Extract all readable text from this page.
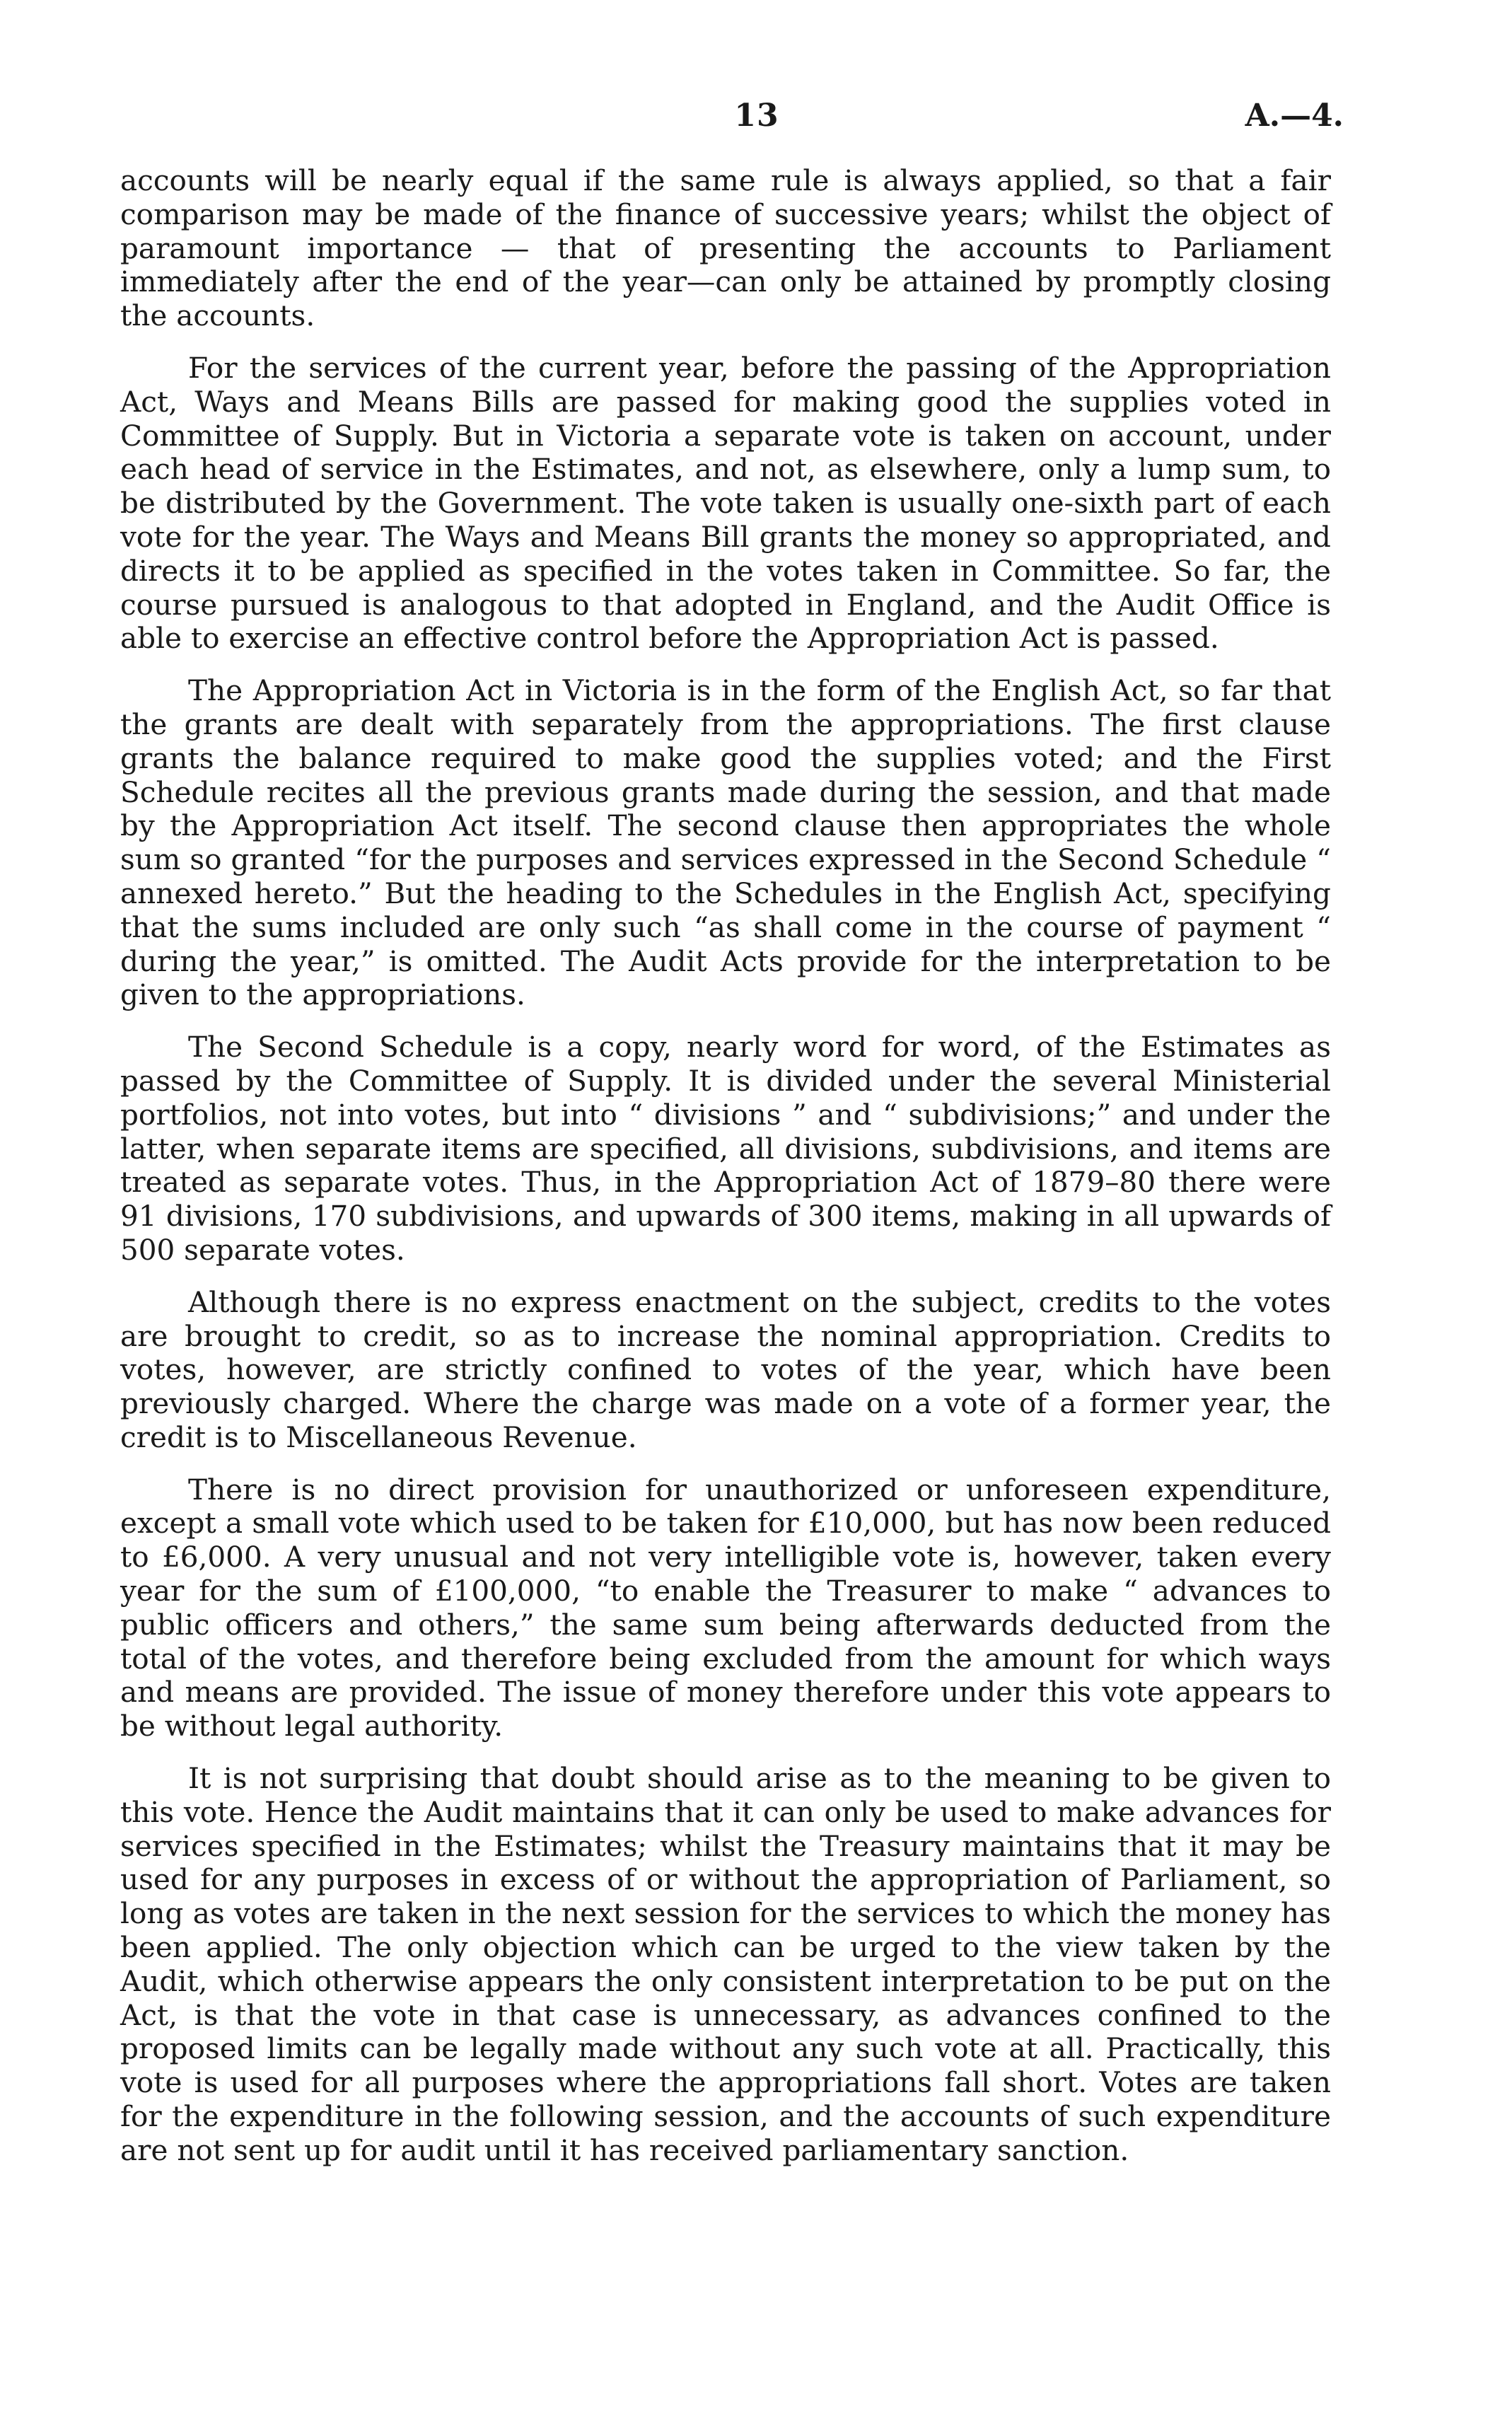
13	A.—4.

accounts will be nearly equal if the same rule is always applied, so that a fair comparison may be made of the finance of successive years; whilst the object of paramount importance — that of presenting the accounts to Parliament immediately after the end of the year—can only be attained by promptly closing the accounts.

For the services of the current year, before the passing of the Appropriation Act, Ways and Means Bills are passed for making good the supplies voted in Committee of Supply. But in Victoria a separate vote is taken on account, under each head of service in the Estimates, and not, as elsewhere, only a lump sum, to be distributed by the Government. The vote taken is usually one-sixth part of each vote for the year. The Ways and Means Bill grants the money so appropriated, and directs it to be applied as specified in the votes taken in Committee. So far, the course pursued is analogous to that adopted in England, and the Audit Office is able to exercise an effective control before the Appropriation Act is passed.

The Appropriation Act in Victoria is in the form of the English Act, so far that the grants are dealt with separately from the appropriations. The first clause grants the balance required to make good the supplies voted; and the First Schedule recites all the previous grants made during the session, and that made by the Appropriation Act itself. The second clause then appropriates the whole sum so granted “for the purposes and services expressed in the Second Schedule “ annexed hereto.” But the heading to the Schedules in the English Act, specifying that the sums included are only such “as shall come in the course of payment “ during the year,” is omitted. The Audit Acts provide for the interpretation to be given to the appropriations.

The Second Schedule is a copy, nearly word for word, of the Estimates as passed by the Committee of Supply. It is divided under the several Ministerial portfolios, not into votes, but into “ divisions ” and “ subdivisions;” and under the latter, when separate items are specified, all divisions, subdivisions, and items are treated as separate votes. Thus, in the Appropriation Act of 1879–80 there were 91 divisions, 170 subdivisions, and upwards of 300 items, making in all upwards of 500 separate votes.

Although there is no express enactment on the subject, credits to the votes are brought to credit, so as to increase the nominal appropriation. Credits to votes, however, are strictly confined to votes of the year, which have been previously charged. Where the charge was made on a vote of a former year, the credit is to Miscellaneous Revenue.

There is no direct provision for unauthorized or unforeseen expenditure, except a small vote which used to be taken for £10,000, but has now been reduced to £6,000. A very unusual and not very intelligible vote is, however, taken every year for the sum of £100,000, “to enable the Treasurer to make “ advances to public officers and others,” the same sum being afterwards deducted from the total of the votes, and therefore being excluded from the amount for which ways and means are provided. The issue of money therefore under this vote appears to be without legal authority.

It is not surprising that doubt should arise as to the meaning to be given to this vote. Hence the Audit maintains that it can only be used to make advances for services specified in the Estimates; whilst the Treasury maintains that it may be used for any purposes in excess of or without the appropriation of Parliament, so long as votes are taken in the next session for the services to which the money has been applied. The only objection which can be urged to the view taken by the Audit, which otherwise appears the only consistent interpretation to be put on the Act, is that the vote in that case is unnecessary, as advances confined to the proposed limits can be legally made without any such vote at all. Practically, this vote is used for all purposes where the appropriations fall short. Votes are taken for the expenditure in the following session, and the accounts of such expenditure are not sent up for audit until it has received parliamentary sanction.
